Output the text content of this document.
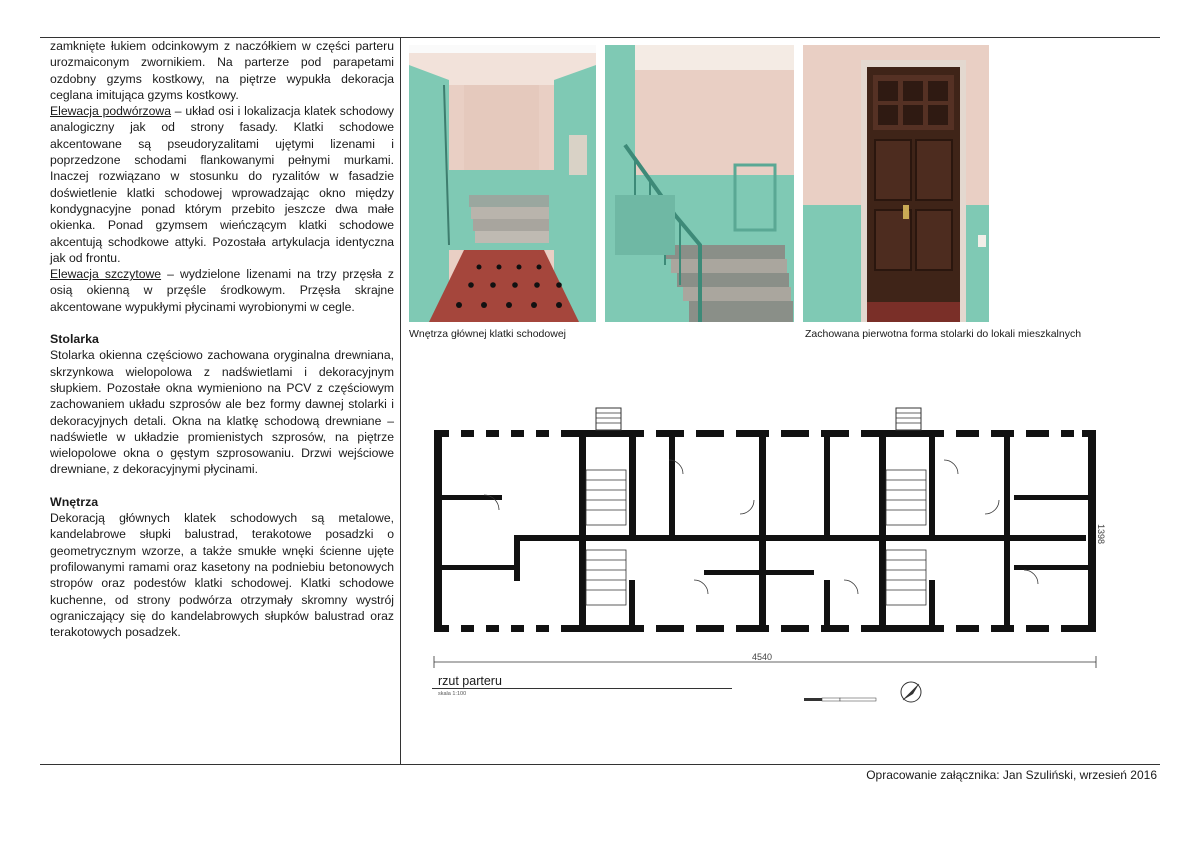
zamknięte łukiem odcinkowym z naczółkiem w części parteru urozmaiconym zwornikiem. Na parterze pod parapetami ozdobny gzyms kostkowy, na piętrze wypukła dekoracja ceglana imitująca gzyms kostkowy.

Elewacja podwórzowa – układ osi i lokalizacja klatek schodowy analogiczny jak od strony fasady. Klatki schodowe akcentowane są pseudoryzalitami ujętymi lizenami i poprzedzone schodami flankowanymi pełnymi murkami. Inaczej rozwiązano w stosunku do ryzalitów w fasadzie doświetlenie klatki schodowej wprowadzając okno między kondygnacyjne ponad którym przebito jeszcze dwa małe okienka. Ponad gzymsem wieńczącym klatki schodowe akcentują schodkowe attyki. Pozostała artykulacja identyczna jak od frontu.

Elewacja szczytowe – wydzielone lizenami na trzy przęsła z osią okienną w przęśle środkowym. Przęsła skrajne akcentowane wypukłymi płycinami wyrobionymi w cegle.

Stolarka

Stolarka okienna częściowo zachowana oryginalna drewniana, skrzynkowa wielopolowa z nadświetlami i dekoracyjnym słupkiem. Pozostałe okna wymieniono na PCV z częściowym zachowaniem układu szprosów ale bez formy dawnej stolarki i dekoracyjnych detali. Okna na klatkę schodową drewniane – nadświetle w układzie promienistych szprosów, na piętrze wielopolowe okna o gęstym szprosowaniu. Drzwi wejściowe drewniane, z dekoracyjnymi płycinami.

Wnętrza

Dekoracją głównych klatek schodowych są metalowe, kandelabrowe słupki balustrad, terakotowe posadzki o geometrycznym wzorze, a także smukłe wnęki ścienne ujęte profilowanymi ramami oraz kasetony na podniebiu betonowych stropów oraz podestów klatki schodowej. Klatki schodowe kuchenne, od strony podwórza otrzymały skromny wystrój ograniczający się do kandelabrowych słupków balustrad oraz terakotowych posadzek.

Wnętrza głównej klatki schodowej	Zachowana pierwotna forma stolarki do lokali mieszkalnych
4540
1398
rzut parteru
skala 1:100
Opracowanie załącznika: Jan Szuliński, wrzesień 2016
